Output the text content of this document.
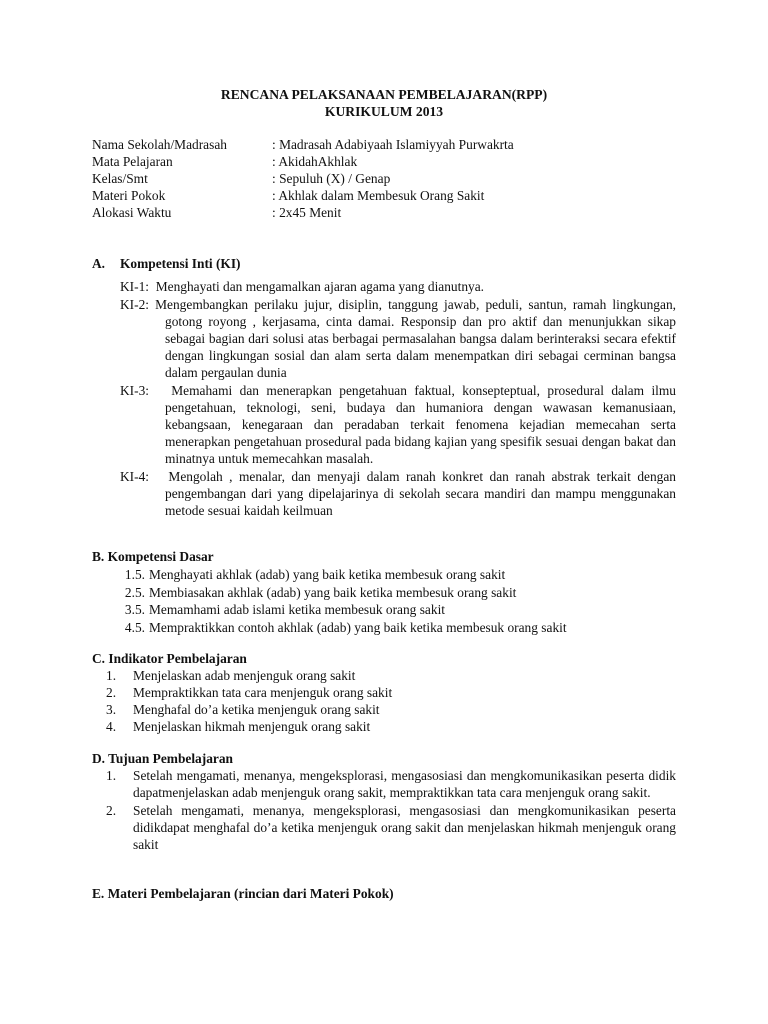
RENCANA PELAKSANAAN PEMBELAJARAN(RPP)
KURIKULUM 2013
Nama Sekolah/Madrasah	: Madrasah Adabiyaah Islamiyyah Purwakrta
Mata Pelajaran	: AkidahAkhlak
Kelas/Smt	: Sepuluh (X) / Genap
Materi Pokok	: Akhlak dalam Membesuk Orang Sakit
Alokasi Waktu	: 2x45 Menit
A. Kompetensi Inti (KI)
KI-1: Menghayati dan mengamalkan ajaran agama yang dianutnya.
KI-2: Mengembangkan perilaku jujur, disiplin, tanggung jawab, peduli, santun, ramah lingkungan, gotong royong , kerjasama, cinta damai. Responsip dan pro aktif dan menunjukkan sikap sebagai bagian dari solusi atas berbagai permasalahan bangsa dalam berinteraksi secara efektif dengan lingkungan sosial dan alam serta dalam menempatkan diri sebagai cerminan bangsa dalam pergaulan dunia
KI-3: Memahami dan menerapkan pengetahuan faktual, konsepteptual, prosedural dalam ilmu pengetahuan, teknologi, seni, budaya dan humaniora dengan wawasan kemanusiaan, kebangsaan, kenegaraan dan peradaban terkait fenomena kejadian memecahan serta menerapkan pengetahuan prosedural pada bidang kajian yang spesifik sesuai dengan bakat dan minatnya untuk memecahkan masalah.
KI-4: Mengolah , menalar, dan menyaji dalam ranah konkret dan ranah abstrak terkait dengan pengembangan dari yang dipelajarinya di sekolah secara mandiri dan mampu menggunakan metode sesuai kaidah keilmuan
B. Kompetensi Dasar
1.5. Menghayati akhlak (adab) yang baik ketika membesuk orang sakit
2.5. Membiasakan akhlak (adab) yang baik ketika membesuk orang sakit
3.5. Memamhami adab islami ketika membesuk orang sakit
4.5. Mempraktikkan contoh akhlak (adab) yang baik ketika membesuk orang sakit
C. Indikator Pembelajaran
1.	Menjelaskan adab menjenguk orang sakit
2.	Mempraktikkan tata cara menjenguk orang sakit
3.	Menghafal do’a ketika menjenguk orang sakit
4.	Menjelaskan hikmah menjenguk orang sakit
D. Tujuan Pembelajaran
1.	Setelah mengamati, menanya, mengeksplorasi, mengasosiasi dan mengkomunikasikan peserta didik dapatmenjelaskan adab menjenguk orang sakit, mempraktikkan tata cara menjenguk orang sakit.
2.	Setelah mengamati, menanya, mengeksplorasi, mengasosiasi dan mengkomunikasikan peserta didikdapat menghafal do’a ketika menjenguk orang sakit dan menjelaskan hikmah menjenguk orang sakit
E. Materi Pembelajaran (rincian dari Materi Pokok)
